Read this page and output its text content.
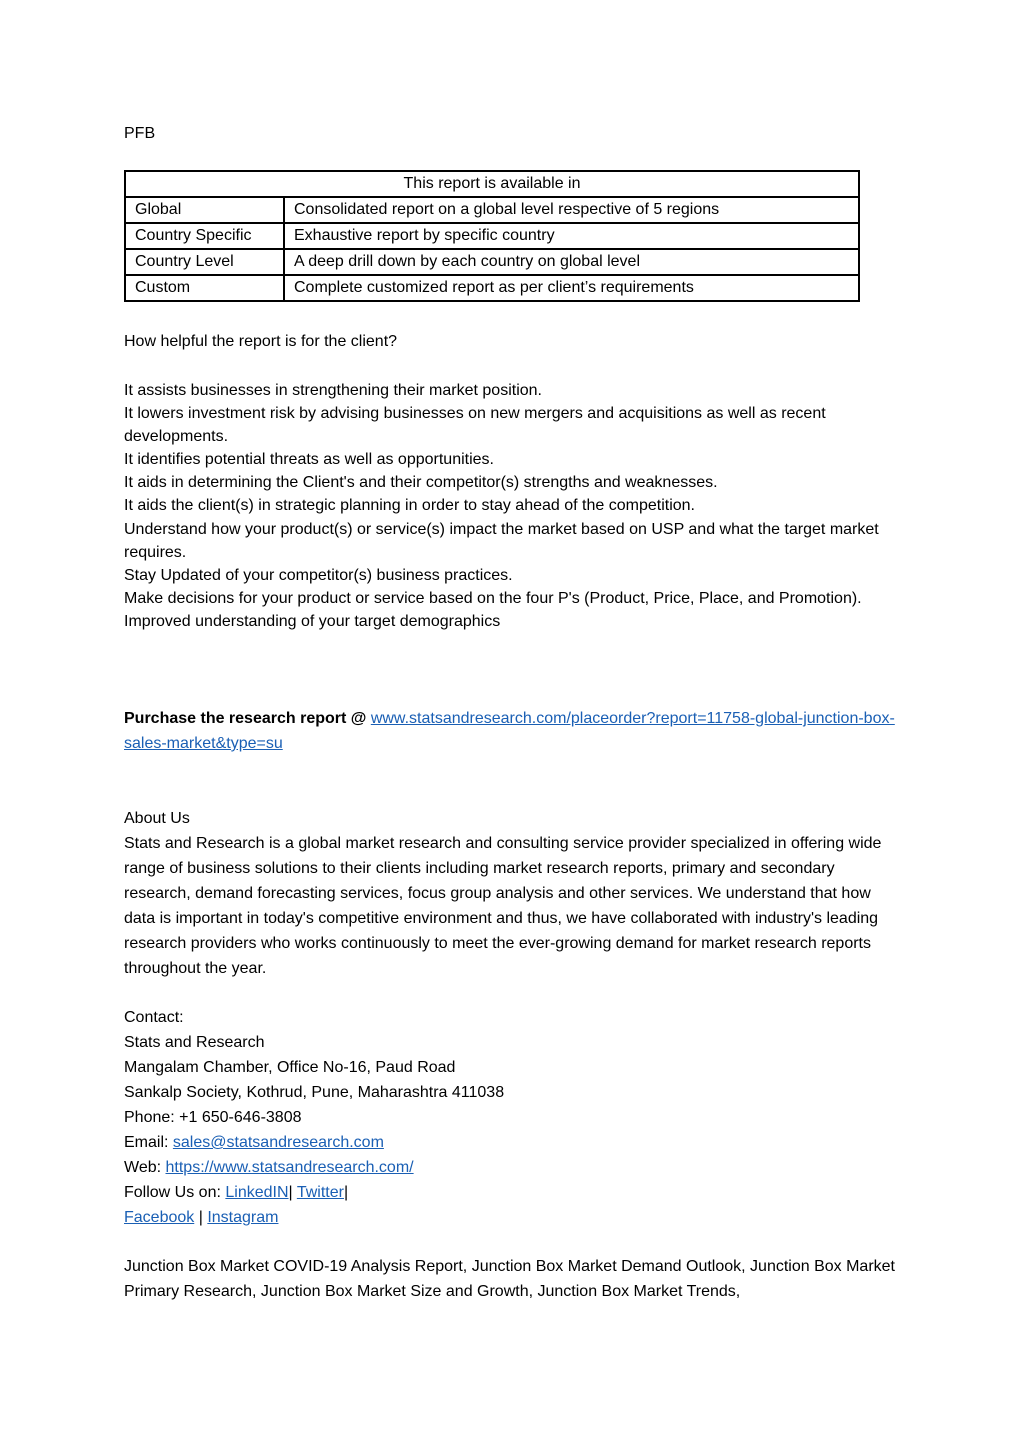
PFB
This report is available in	
Global	Consolidated report on a global level respective of 5 regions
Country Specific	Exhaustive report by specific country
Country Level	A deep drill down by each country on global level
Custom	Complete customized report as per client’s requirements
How helpful the report is for the client?
It assists businesses in strengthening their market position.
It lowers investment risk by advising businesses on new mergers and acquisitions as well as recent developments.
It identifies potential threats as well as opportunities.
It aids in determining the Client's and their competitor(s) strengths and weaknesses.
It aids the client(s) in strategic planning in order to stay ahead of the competition.
Understand how your product(s) or service(s) impact the market based on USP and what the target market requires.
Stay Updated of your competitor(s) business practices.
Make decisions for your product or service based on the four P's (Product, Price, Place, and Promotion).
Improved understanding of your target demographics
Purchase the research report @ www.statsandresearch.com/placeorder?report=11758-global-junction-box-sales-market&type=su
About Us
Stats and Research is a global market research and consulting service provider specialized in offering wide range of business solutions to their clients including market research reports, primary and secondary research, demand forecasting services, focus group analysis and other services. We understand that how data is important in today's competitive environment and thus, we have collaborated with industry's leading research providers who works continuously to meet the ever-growing demand for market research reports throughout the year.
Contact:
Stats and Research
Mangalam Chamber, Office No-16, Paud Road
Sankalp Society, Kothrud, Pune, Maharashtra 411038
Phone: +1 650-646-3808
Email: sales@statsandresearch.com
Web: https://www.statsandresearch.com/
Follow Us on: LinkedIN| Twitter|
Facebook | Instagram
Junction Box Market COVID-19 Analysis Report, Junction Box Market Demand Outlook, Junction Box Market Primary Research, Junction Box Market Size and Growth, Junction Box Market Trends,
